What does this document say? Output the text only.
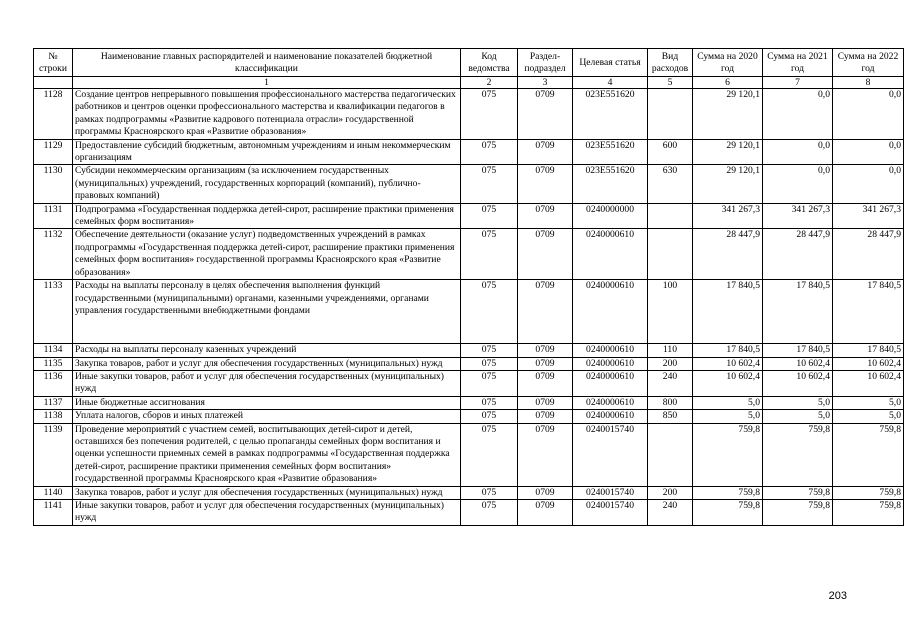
№ строки	Наименование главных распорядителей и наименование показателей бюджетной классификации	Код ведомства	Раздел-подраздел	Целевая статья	Вид расходов	Сумма на 2020 год	Сумма на 2021 год	Сумма на 2022 год
	1	2	3	4	5	6	7	8
1128	Создание центров непрерывного повышения профессионального мастерства педагогических работников и центров оценки профессионального мастерства и квалификации педагогов в рамках подпрограммы «Развитие кадрового потенциала отрасли» государственной программы Красноярского края «Развитие образования»	075	0709	023Е551620		29 120,1	0,0	0,0
1129	Предоставление субсидий бюджетным, автономным учреждениям и иным некоммерческим организациям	075	0709	023Е551620	600	29 120,1	0,0	0,0
1130	Субсидии некоммерческим организациям (за исключением государственных (муниципальных) учреждений, государственных корпораций (компаний), публично-правовых компаний)	075	0709	023Е551620	630	29 120,1	0,0	0,0
1131	Подпрограмма «Государственная поддержка детей-сирот, расширение практики применения семейных форм воспитания»	075	0709	0240000000		341 267,3	341 267,3	341 267,3
1132	Обеспечение деятельности (оказание услуг) подведомственных учреждений в рамках подпрограммы «Государственная поддержка детей-сирот, расширение практики применения семейных форм воспитания» государственной программы Красноярского края «Развитие образования»	075	0709	0240000610		28 447,9	28 447,9	28 447,9
1133	Расходы на выплаты персоналу в целях обеспечения выполнения функций государственными (муниципальными) органами, казенными учреждениями, органами управления государственными внебюджетными фондами	075	0709	0240000610	100	17 840,5	17 840,5	17 840,5
1134	Расходы на выплаты персоналу казенных учреждений	075	0709	0240000610	110	17 840,5	17 840,5	17 840,5
1135	Закупка товаров, работ и услуг для обеспечения государственных (муниципальных) нужд	075	0709	0240000610	200	10 602,4	10 602,4	10 602,4
1136	Иные закупки товаров, работ и услуг для обеспечения государственных (муниципальных) нужд	075	0709	0240000610	240	10 602,4	10 602,4	10 602,4
1137	Иные бюджетные ассигнования	075	0709	0240000610	800	5,0	5,0	5,0
1138	Уплата налогов, сборов и иных платежей	075	0709	0240000610	850	5,0	5,0	5,0
1139	Проведение мероприятий с участием семей, воспитывающих детей-сирот и детей, оставшихся без попечения родителей, с целью пропаганды семейных форм воспитания и оценки успешности приемных семей в рамках подпрограммы «Государственная поддержка детей-сирот, расширение практики применения семейных форм воспитания» государственной программы Красноярского края «Развитие образования»	075	0709	0240015740		759,8	759,8	759,8
1140	Закупка товаров, работ и услуг для обеспечения государственных (муниципальных) нужд	075	0709	0240015740	200	759,8	759,8	759,8
1141	Иные закупки товаров, работ и услуг для обеспечения государственных (муниципальных) нужд	075	0709	0240015740	240	759,8	759,8	759,8
203
